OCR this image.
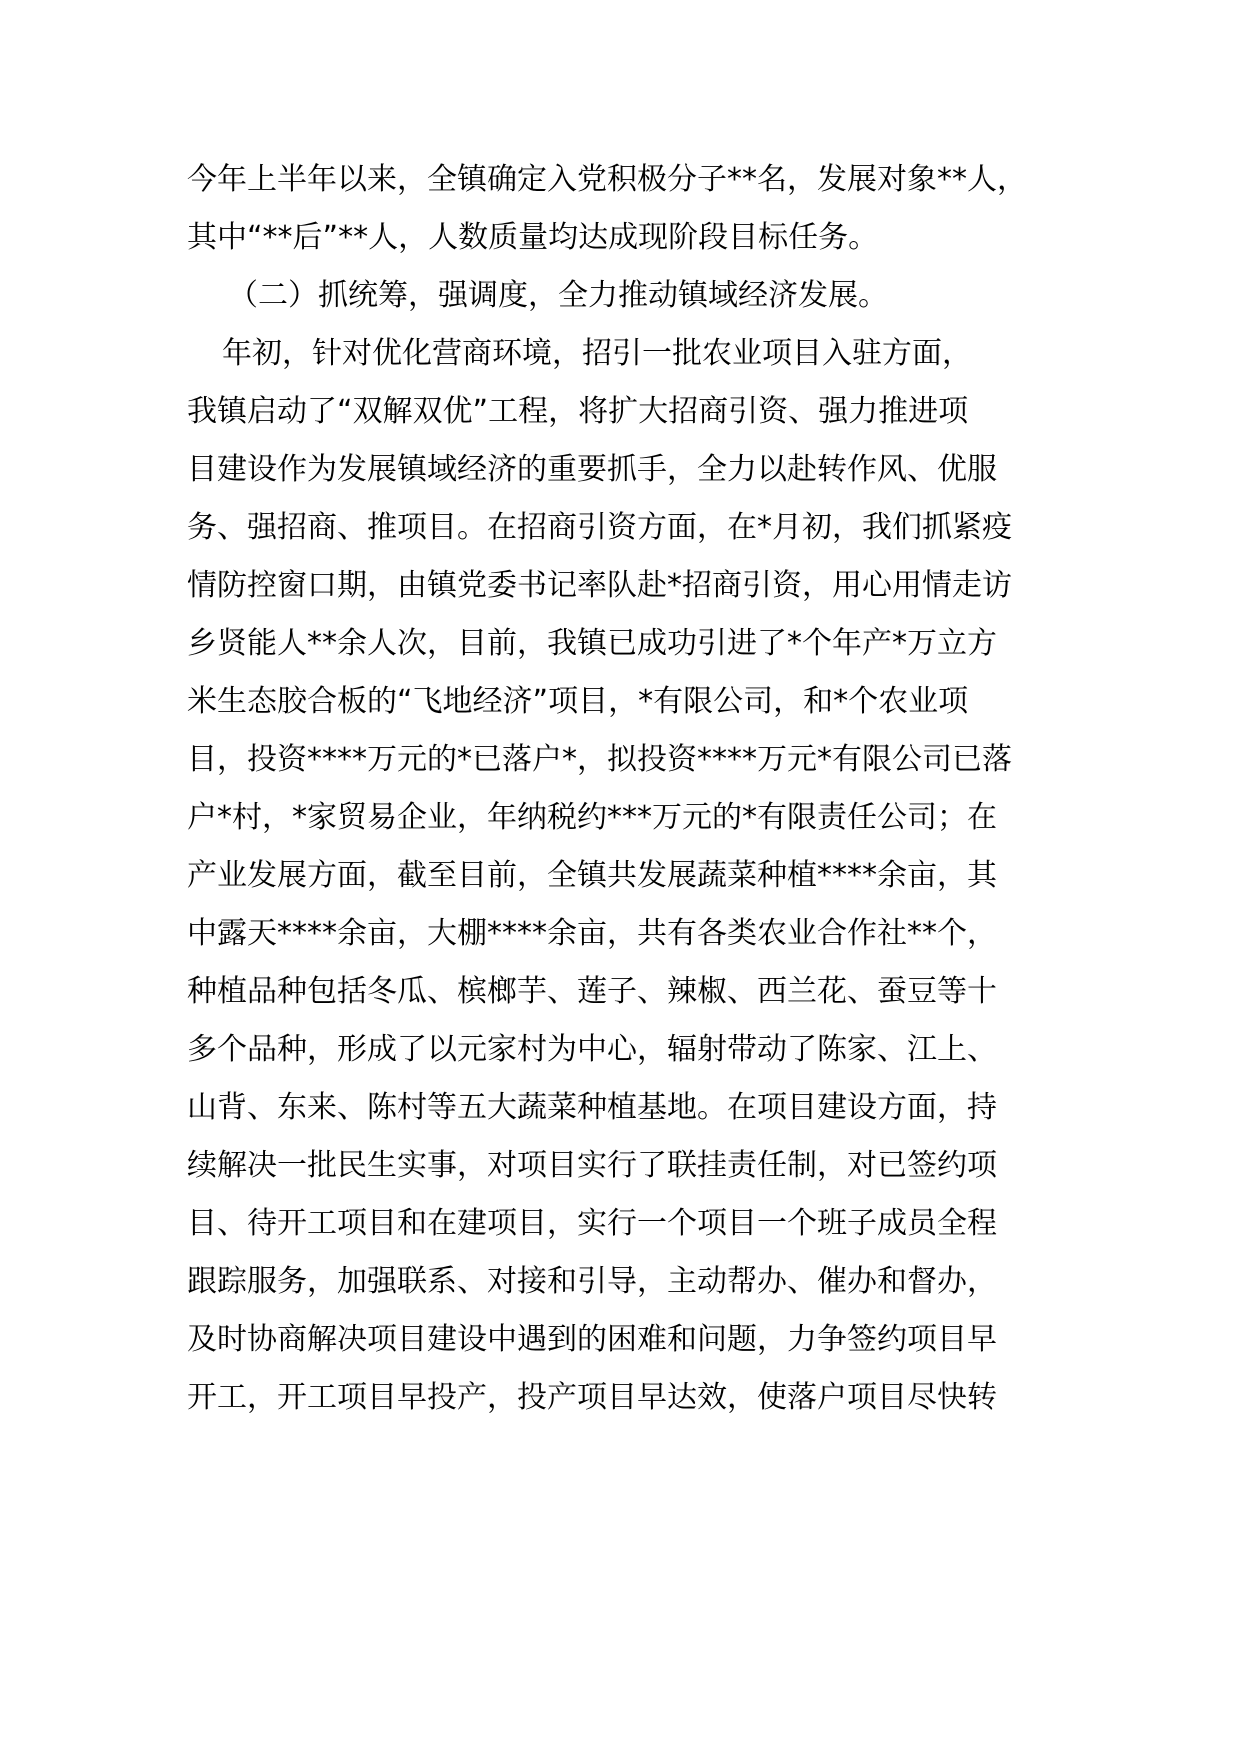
今年上半年以来，全镇确定入党积极分子**名，发展对象**人，
其中“**后”**人，人数质量均达成现阶段目标任务。
（二）抓统筹，强调度，全力推动镇域经济发展。
年初，针对优化营商环境，招引一批农业项目入驻方面，
我镇启动了“双解双优”工程，将扩大招商引资、强力推进项
目建设作为发展镇域经济的重要抓手，全力以赴转作风、优服
务、强招商、推项目。在招商引资方面，在*月初，我们抓紧疫
情防控窗口期，由镇党委书记率队赴*招商引资，用心用情走访
乡贤能人**余人次，目前，我镇已成功引进了*个年产*万立方
米生态胶合板的“飞地经济”项目，*有限公司，和*个农业项
目，投资****万元的*已落户*，拟投资****万元*有限公司已落
户*村，*家贸易企业，年纳税约***万元的*有限责任公司；在
产业发展方面，截至目前，全镇共发展蔬菜种植****余亩，其
中露天****余亩，大棚****余亩，共有各类农业合作社**个，
种植品种包括冬瓜、槟榔芋、莲子、辣椒、西兰花、蚕豆等十
多个品种，形成了以元家村为中心，辐射带动了陈家、江上、
山背、东来、陈村等五大蔬菜种植基地。在项目建设方面，持
续解决一批民生实事，对项目实行了联挂责任制，对已签约项
目、待开工项目和在建项目，实行一个项目一个班子成员全程
跟踪服务，加强联系、对接和引导，主动帮办、催办和督办，
及时协商解决项目建设中遇到的困难和问题，力争签约项目早
开工，开工项目早投产，投产项目早达效，使落户项目尽快转
